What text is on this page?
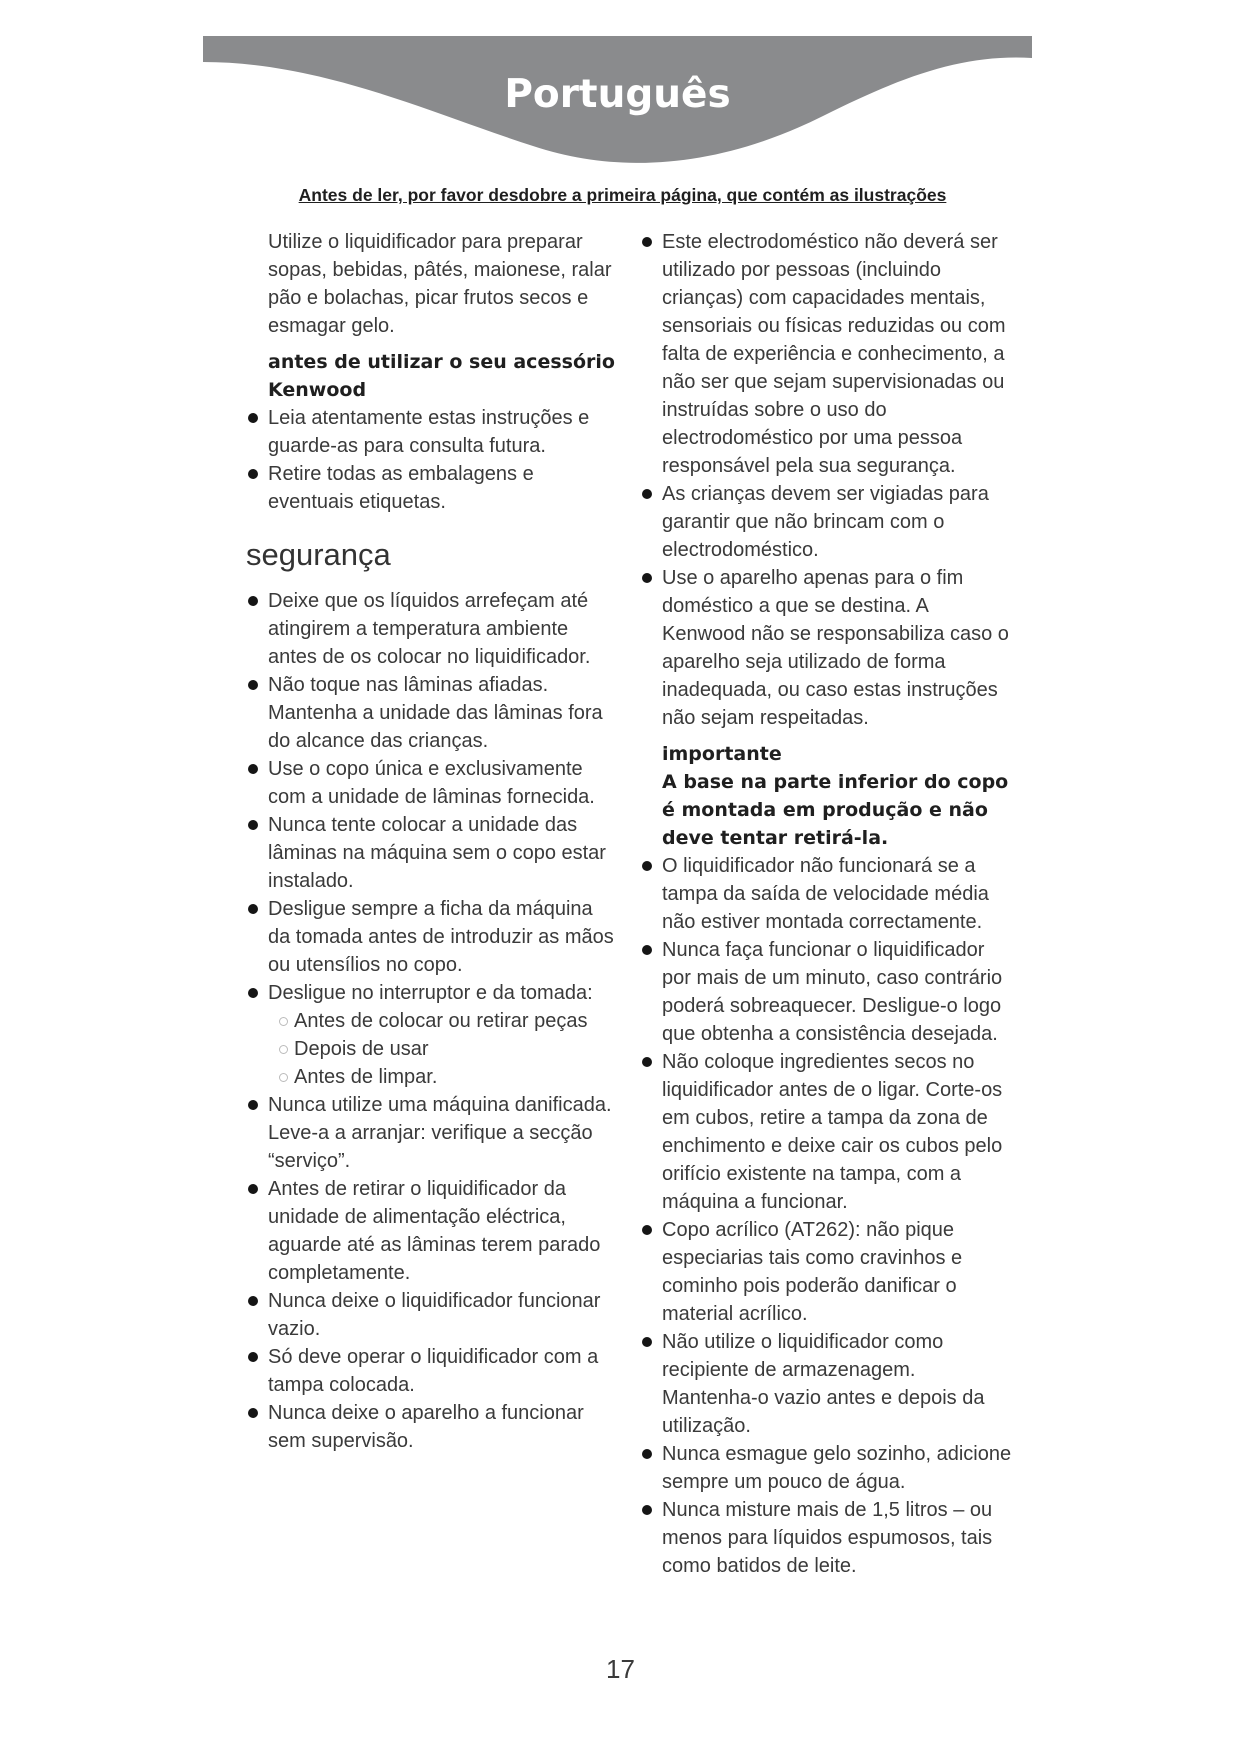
Português
Antes de ler, por favor desdobre a primeira página, que contém as ilustrações

Utilize o liquidificador para preparar sopas, bebidas, pâtés, maionese, ralar pão e bolachas, picar frutos secos e esmagar gelo.

antes de utilizar o seu acessório Kenwood

Leia atentamente estas instruções e guarde-as para consulta futura.
Retire todas as embalagens e eventuais etiquetas.
segurança
Deixe que os líquidos arrefeçam até atingirem a temperatura ambiente antes de os colocar no liquidificador.
Não toque nas lâminas afiadas. Mantenha a unidade das lâminas fora do alcance das crianças.
Use o copo única e exclusivamente com a unidade de lâminas fornecida.
Nunca tente colocar a unidade das lâminas na máquina sem o copo estar instalado.
Desligue sempre a ficha da máquina da tomada antes de introduzir as mãos ou utensílios no copo.
Desligue no interruptor e da tomada:
Antes de colocar ou retirar peças
Depois de usar
Antes de limpar.
Nunca utilize uma máquina danificada. Leve-a a arranjar: verifique a secção “serviço”.
Antes de retirar o liquidificador da unidade de alimentação eléctrica, aguarde até as lâminas terem parado completamente.
Nunca deixe o liquidificador funcionar vazio.
Só deve operar o liquidificador com a tampa colocada.
Nunca deixe o aparelho a funcionar sem supervisão.
Este electrodoméstico não deverá ser utilizado por pessoas (incluindo crianças) com capacidades mentais, sensoriais ou físicas reduzidas ou com falta de experiência e conhecimento, a não ser que sejam supervisionadas ou instruídas sobre o uso do electrodoméstico por uma pessoa responsável pela sua segurança.
As crianças devem ser vigiadas para garantir que não brincam com o electrodoméstico.
Use o aparelho apenas para o fim doméstico a que se destina. A Kenwood não se responsabiliza caso o aparelho seja utilizado de forma inadequada, ou caso estas instruções não sejam respeitadas.

importante

A base na parte inferior do copo é montada em produção e não deve tentar retirá-la.

O liquidificador não funcionará se a tampa da saída de velocidade média não estiver montada correctamente.
Nunca faça funcionar o liquidificador por mais de um minuto, caso contrário poderá sobreaquecer. Desligue-o logo que obtenha a consistência desejada.
Não coloque ingredientes secos no liquidificador antes de o ligar. Corte-os em cubos, retire a tampa da zona de enchimento e deixe cair os cubos pelo orifício existente na tampa, com a máquina a funcionar.
Copo acrílico (AT262): não pique especiarias tais como cravinhos e cominho pois poderão danificar o material acrílico.
Não utilize o liquidificador como recipiente de armazenagem. Mantenha-o vazio antes e depois da utilização.
Nunca esmague gelo sozinho, adicione sempre um pouco de água.
Nunca misture mais de 1,5 litros – ou menos para líquidos espumosos, tais como batidos de leite.
17
